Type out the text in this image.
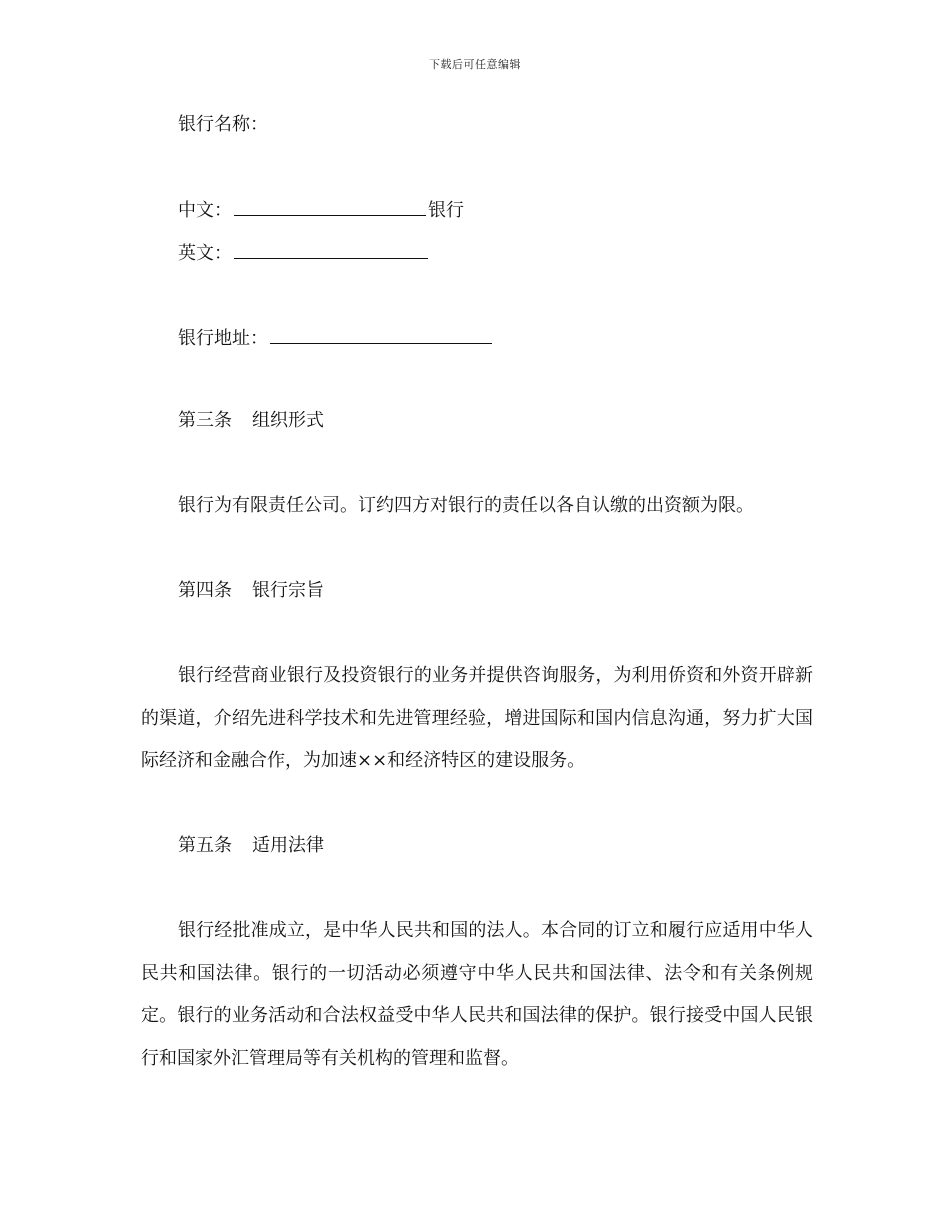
下载后可任意编辑
银行名称：
中文：	银行
英文：
银行地址：
第三条 组织形式
银行为有限责任公司。订约四方对银行的责任以各自认缴的出资额为限。
第四条 银行宗旨
银行经营商业银行及投资银行的业务并提供咨询服务，为利用侨资和外资开辟新的渠道，介绍先进科学技术和先进管理经验，增进国际和国内信息沟通，努力扩大国际经济和金融合作，为加速××和经济特区的建设服务。
第五条 适用法律
银行经批准成立，是中华人民共和国的法人。本合同的订立和履行应适用中华人民共和国法律。银行的一切活动必须遵守中华人民共和国法律、法令和有关条例规定。银行的业务活动和合法权益受中华人民共和国法律的保护。银行接受中国人民银行和国家外汇管理局等有关机构的管理和监督。
